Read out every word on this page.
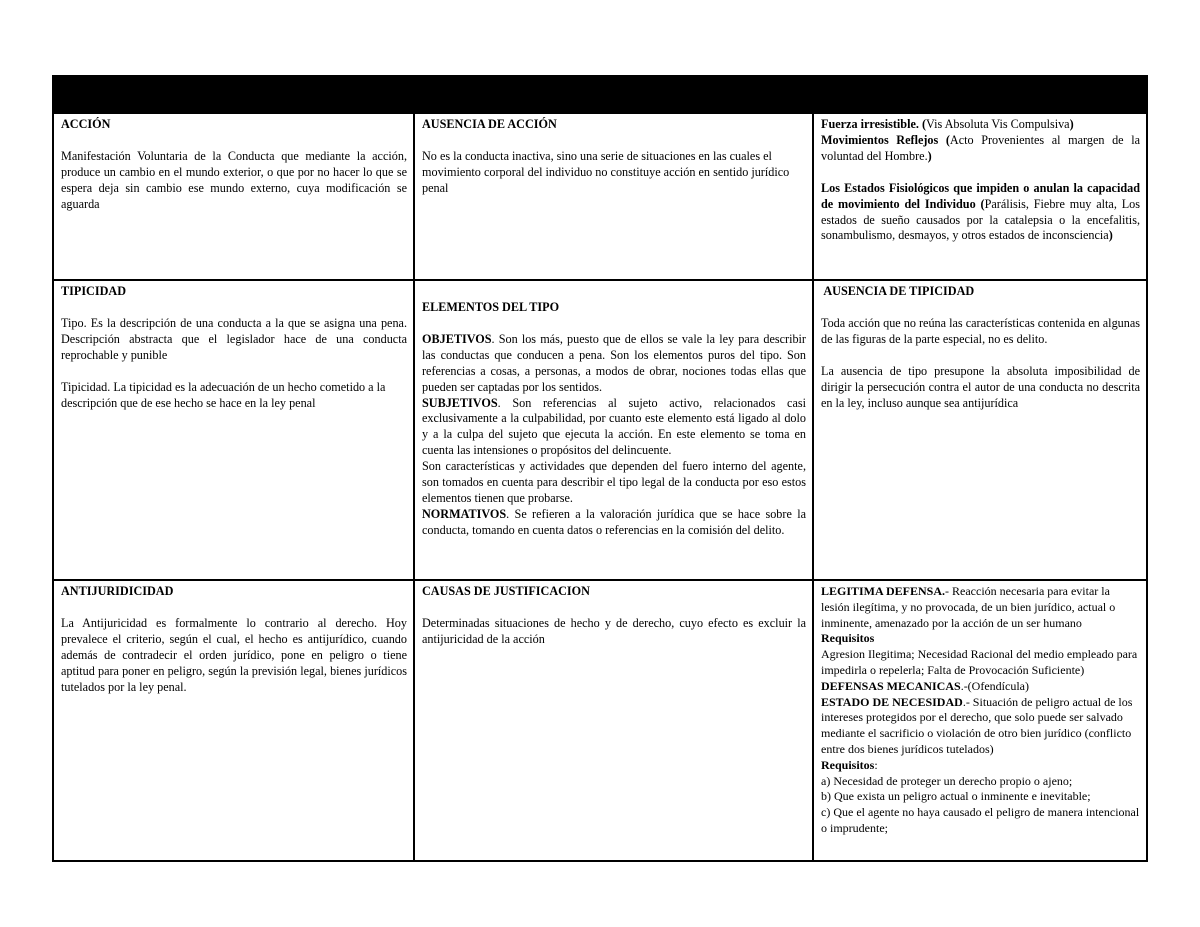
ACCIÓN

Manifestación Voluntaria de la Conducta que mediante la acción, produce un cambio en el mundo exterior, o que por no hacer lo que se espera deja sin cambio ese mundo externo, cuya modificación se aguarda

AUSENCIA DE ACCIÓN

No es la conducta inactiva, sino una serie de situaciones en las cuales el movimiento corporal del individuo no constituye acción en sentido jurídico penal

Fuerza irresistible. (Vis Absoluta Vis Compulsiva)

Movimientos Reflejos (Acto Provenientes al margen de la voluntad del Hombre.)

Los Estados Fisiológicos que impiden o anulan la capacidad de movimiento del Individuo (Parálisis, Fiebre muy alta, Los estados de sueño causados por la catalepsia o la encefalitis, sonambulismo, desmayos, y otros estados de inconsciencia)

TIPICIDAD

Tipo. Es la descripción de una conducta a la que se asigna una pena. Descripción abstracta que el legislador hace de una conducta reprochable y punible

Tipicidad. La tipicidad es la adecuación de un hecho cometido a la descripción que de ese hecho se hace en la ley penal

ELEMENTOS DEL TIPO

OBJETIVOS. Son los más, puesto que de ellos se vale la ley para describir las conductas que conducen a pena. Son los elementos puros del tipo. Son referencias a cosas, a personas, a modos de obrar, nociones todas ellas que pueden ser captadas por los sentidos.

SUBJETIVOS. Son referencias al sujeto activo, relacionados casi exclusivamente a la culpabilidad, por cuanto este elemento está ligado al dolo y a la culpa del sujeto que ejecuta la acción. En este elemento se toma en cuenta las intensiones o propósitos del delincuente.

Son características y actividades que dependen del fuero interno del agente, son tomados en cuenta para describir el tipo legal de la conducta por eso estos elementos tienen que probarse.

NORMATIVOS. Se refieren a la valoración jurídica que se hace sobre la conducta, tomando en cuenta datos o referencias en la comisión del delito.

AUSENCIA DE TIPICIDAD

Toda acción que no reúna las características contenida en algunas de las figuras de la parte especial, no es delito.

La ausencia de tipo presupone la absoluta imposibilidad de dirigir la persecución contra el autor de una conducta no descrita en la ley, incluso aunque sea antijurídica

ANTIJURIDICIDAD

La Antijuricidad es formalmente lo contrario al derecho. Hoy prevalece el criterio, según el cual, el hecho es antijurídico, cuando además de contradecir el orden jurídico, pone en peligro o tiene aptitud para poner en peligro, según la previsión legal, bienes jurídicos tutelados por la ley penal.

CAUSAS DE JUSTIFICACION

Determinadas situaciones de hecho y de derecho, cuyo efecto es excluir la antijuricidad de la acción

LEGITIMA DEFENSA.- Reacción necesaria para evitar la lesión ilegítima, y no provocada, de un bien jurídico, actual o inminente, amenazado por la acción de un ser humano

Requisitos

Agresion Ilegitima; Necesidad Racional del medio empleado para impedirla o repelerla; Falta de Provocación Suficiente)

DEFENSAS MECANICAS.-(Ofendícula)

ESTADO DE NECESIDAD.- Situación de peligro actual de los intereses protegidos por el derecho, que solo puede ser salvado mediante el sacrificio o violación de otro bien jurídico (conflicto entre dos bienes jurídicos tutelados)

Requisitos:

a) Necesidad de proteger un derecho propio o ajeno;

b) Que exista un peligro actual o inminente e inevitable;

c) Que el agente no haya causado el peligro de manera intencional o imprudente;
